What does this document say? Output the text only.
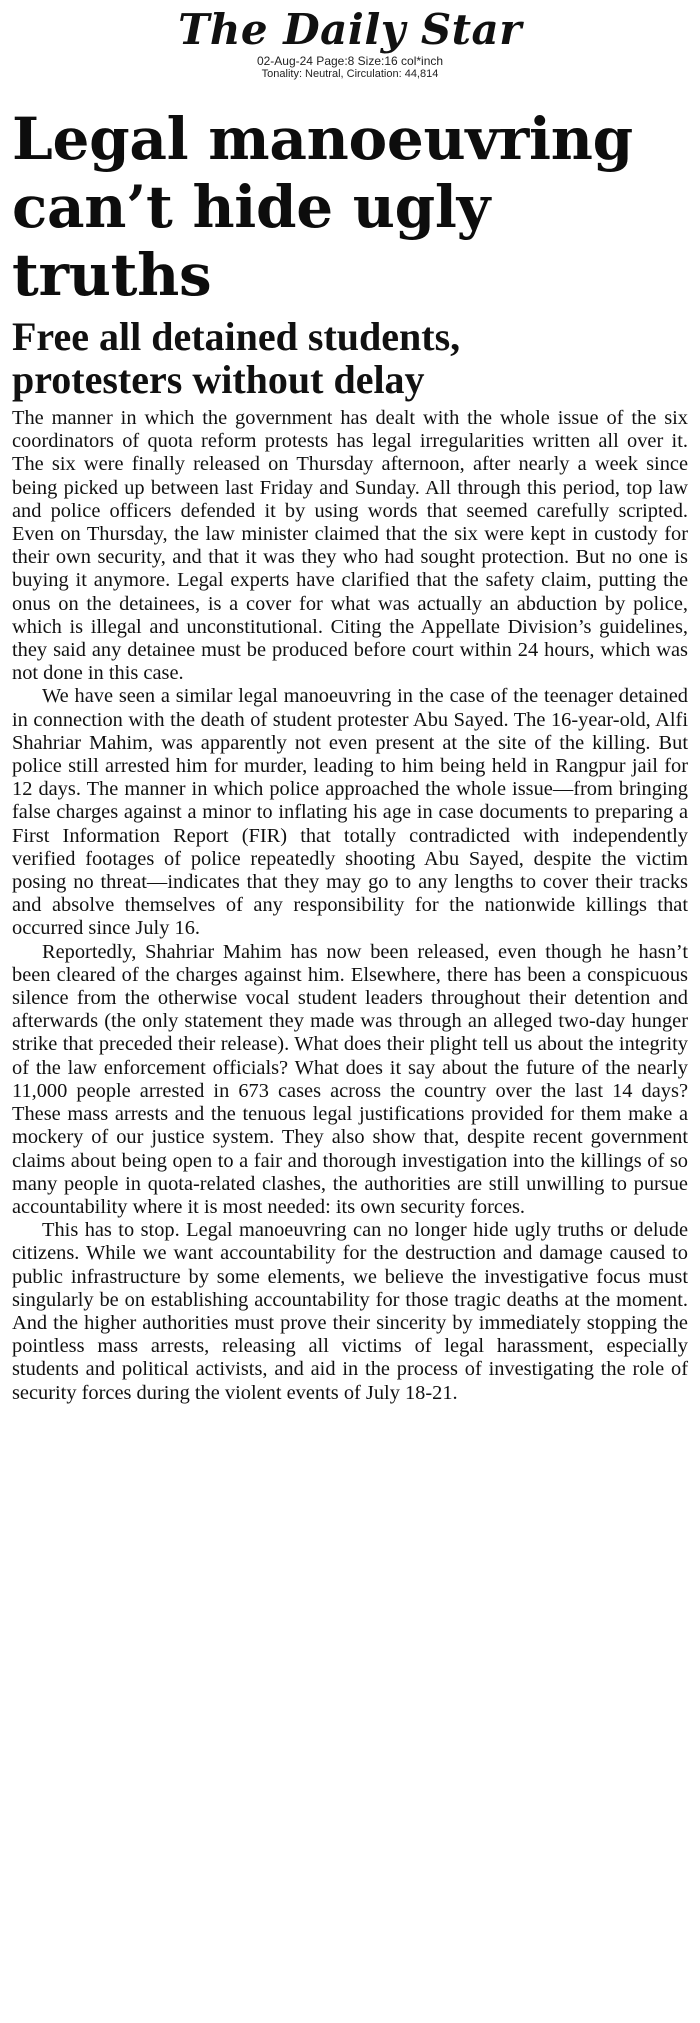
The Daily Star
02-Aug-24 Page:8 Size:16 col*inch
Tonality: Neutral, Circulation: 44,814
Legal manoeuvring
can’t hide ugly truths
Free all detained students,
protesters without delay

The manner in which the government has dealt with the whole issue of the six coordinators of quota reform protests has legal irregularities written all over it. The six were finally released on Thursday afternoon, after nearly a week since being picked up between last Friday and Sunday. All through this period, top law and police officers defended it by using words that seemed carefully scripted. Even on Thursday, the law minister claimed that the six were kept in custody for their own security, and that it was they who had sought protection. But no one is buying it anymore. Legal experts have clarified that the safety claim, putting the onus on the detainees, is a cover for what was actually an abduction by police, which is illegal and unconstitutional. Citing the Appellate Division’s guidelines, they said any detainee must be produced before court within 24 hours, which was not done in this case.

We have seen a similar legal manoeuvring in the case of the teenager detained in connection with the death of student protester Abu Sayed. The 16-year-old, Alfi Shahriar Mahim, was apparently not even present at the site of the killing. But police still arrested him for murder, leading to him being held in Rangpur jail for 12 days. The manner in which police approached the whole issue—from bringing false charges against a minor to inflating his age in case documents to preparing a First Information Report (FIR) that totally contradicted with independently verified footages of police repeatedly shooting Abu Sayed, despite the victim posing no threat—indicates that they may go to any lengths to cover their tracks and absolve themselves of any responsibility for the nationwide killings that occurred since July 16.

Reportedly, Shahriar Mahim has now been released, even though he hasn’t been cleared of the charges against him. Elsewhere, there has been a conspicuous silence from the otherwise vocal student leaders throughout their detention and afterwards (the only statement they made was through an alleged two-day hunger strike that preceded their release). What does their plight tell us about the integrity of the law enforcement officials? What does it say about the future of the nearly 11,000 people arrested in 673 cases across the country over the last 14 days? These mass arrests and the tenuous legal justifications provided for them make a mockery of our justice system. They also show that, despite recent government claims about being open to a fair and thorough investigation into the killings of so many people in quota-related clashes, the authorities are still unwilling to pursue accountability where it is most needed: its own security forces.

This has to stop. Legal manoeuvring can no longer hide ugly truths or delude citizens. While we want accountability for the destruction and damage caused to public infrastructure by some elements, we believe the investigative focus must singularly be on establishing accountability for those tragic deaths at the moment. And the higher authorities must prove their sincerity by immediately stopping the pointless mass arrests, releasing all victims of legal harassment, especially students and political activists, and aid in the process of investigating the role of security forces during the violent events of July 18-21.
